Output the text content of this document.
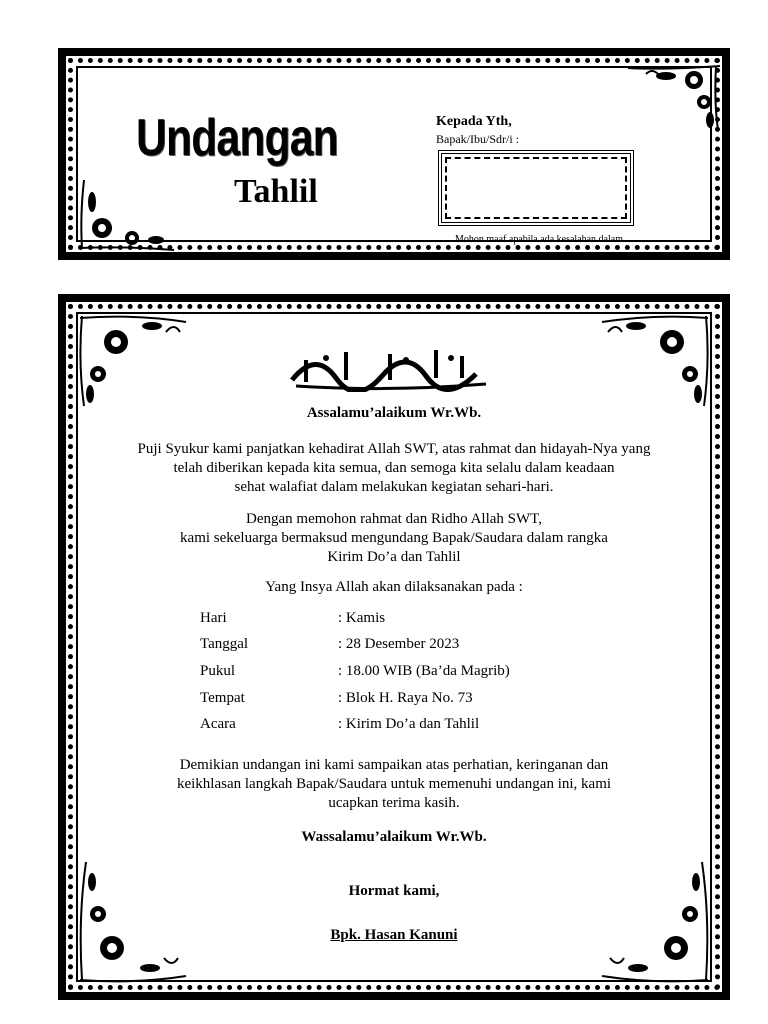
Undangan
Tahlil
Kepada Yth,
Bapak/Ibu/Sdr/i :
Mohon maaf apabila ada kesalahan dalam
Assalamu’alaikum Wr.Wb.
Puji Syukur kami panjatkan kehadirat Allah SWT, atas rahmat dan hidayah-Nya yang
telah diberikan kepada kita semua, dan semoga kita selalu dalam keadaan
sehat walafiat dalam melakukan kegiatan sehari-hari.
Dengan memohon rahmat dan Ridho Allah SWT,
kami sekeluarga bermaksud mengundang Bapak/Saudara dalam rangka
Kirim Do’a dan Tahlil
Yang Insya Allah akan dilaksanakan pada :
Hari	: Kamis
Tanggal	: 28 Desember 2023
Pukul	: 18.00 WIB (Ba’da Magrib)
Tempat	: Blok H. Raya No. 73
Acara	: Kirim Do’a dan Tahlil
Demikian undangan ini kami sampaikan atas perhatian, keringanan dan
keikhlasan langkah Bapak/Saudara untuk memenuhi undangan ini, kami
ucapkan terima kasih.
Wassalamu’alaikum Wr.Wb.
Hormat kami,
Bpk. Hasan Kanuni
